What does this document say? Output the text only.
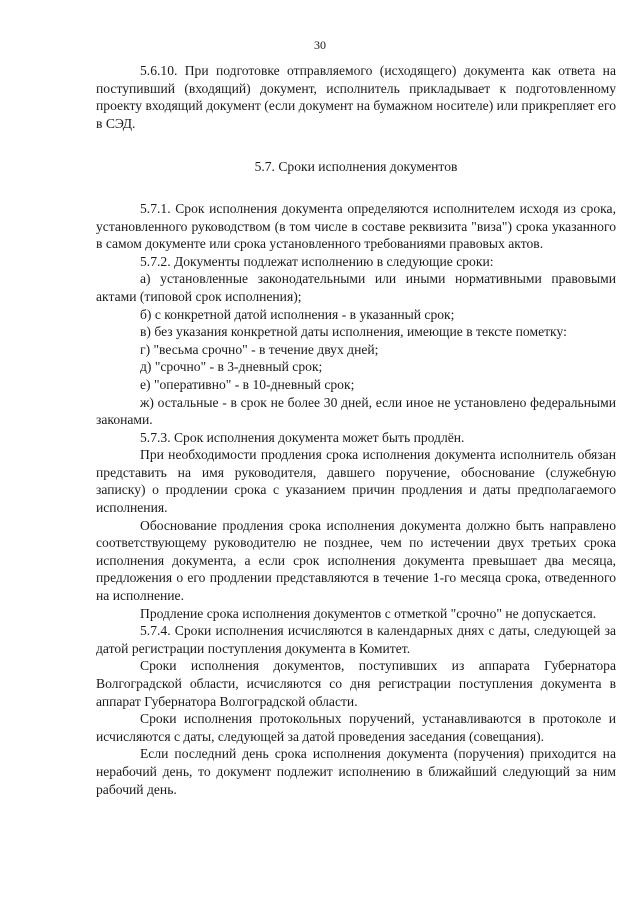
30

5.6.10. При подготовке отправляемого (исходящего) документа как ответа на поступивший (входящий) документ, исполнитель прикладывает к подготовленному проекту входящий документ (если документ на бумажном носителе) или прикрепляет его в СЭД.

5.7. Сроки исполнения документов

5.7.1. Срок исполнения документа определяются исполнителем исходя из срока, установленного руководством (в том числе в составе реквизита "виза") срока указанного в самом документе или срока установленного требованиями правовых актов.

5.7.2. Документы подлежат исполнению в следующие сроки:

а) установленные законодательными или иными нормативными правовыми актами (типовой срок исполнения);

б) с конкретной датой исполнения - в указанный срок;

в) без указания конкретной даты исполнения, имеющие в тексте пометку:

г) "весьма срочно" - в течение двух дней;

д) "срочно" - в 3-дневный срок;

е) "оперативно" - в 10-дневный срок;

ж) остальные - в срок не более 30 дней, если иное не установлено федеральными законами.

5.7.3. Срок исполнения документа может быть продлён.

При необходимости продления срока исполнения документа исполнитель обязан представить на имя руководителя, давшего поручение, обоснование (служебную записку) о продлении срока с указанием причин продления и даты предполагаемого исполнения.

Обоснование продления срока исполнения документа должно быть направлено соответствующему руководителю не позднее, чем по истечении двух третьих срока исполнения документа, а если срок исполнения документа превышает два месяца, предложения о его продлении представляются в течение 1-го месяца срока, отведенного на исполнение.

Продление срока исполнения документов с отметкой "срочно" не допускается.

5.7.4. Сроки исполнения исчисляются в календарных днях с даты, следующей за датой регистрации поступления документа в Комитет.

Сроки исполнения документов, поступивших из аппарата Губернатора Волгоградской области, исчисляются со дня регистрации поступления документа в аппарат Губернатора Волгоградской области.

Сроки исполнения протокольных поручений, устанавливаются в протоколе и исчисляются с даты, следующей за датой проведения заседания (совещания).

Если последний день срока исполнения документа (поручения) приходится на нерабочий день, то документ подлежит исполнению в ближайший следующий за ним рабочий день.
